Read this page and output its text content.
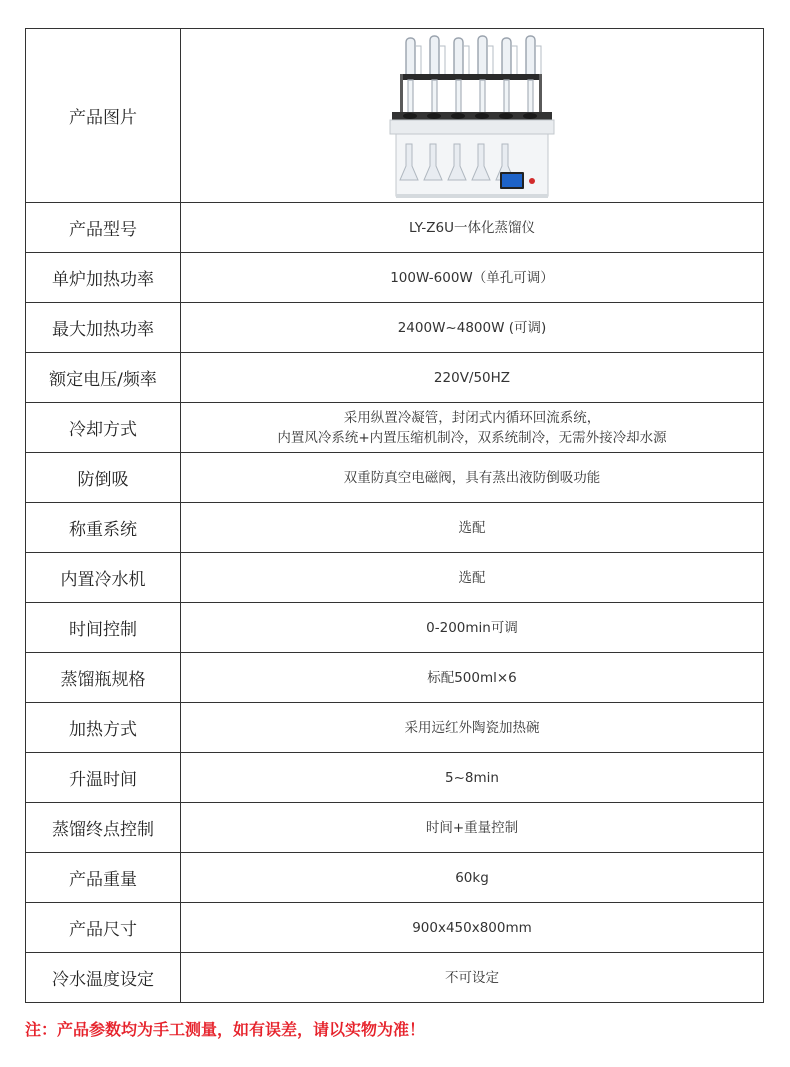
产品图片	

产品型号	LY-Z6U一体化蒸馏仪
单炉加热功率	100W-600W（单孔可调）
最大加热功率	2400W~4800W (可调)
额定电压/频率	220V/50HZ
冷却方式	采用纵置冷凝管，封闭式内循环回流系统，
内置风冷系统+内置压缩机制冷，双系统制冷，无需外接冷却水源

防倒吸	双重防真空电磁阀，具有蒸出液防倒吸功能
称重系统	选配
内置冷水机	选配
时间控制	0-200min可调
蒸馏瓶规格	标配500ml×6
加热方式	采用远红外陶瓷加热碗
升温时间	5~8min
蒸馏终点控制	时间+重量控制
产品重量	60kg
产品尺寸	900x450x800mm
冷水温度设定	不可设定
注：产品参数均为手工测量，如有误差，请以实物为准！
